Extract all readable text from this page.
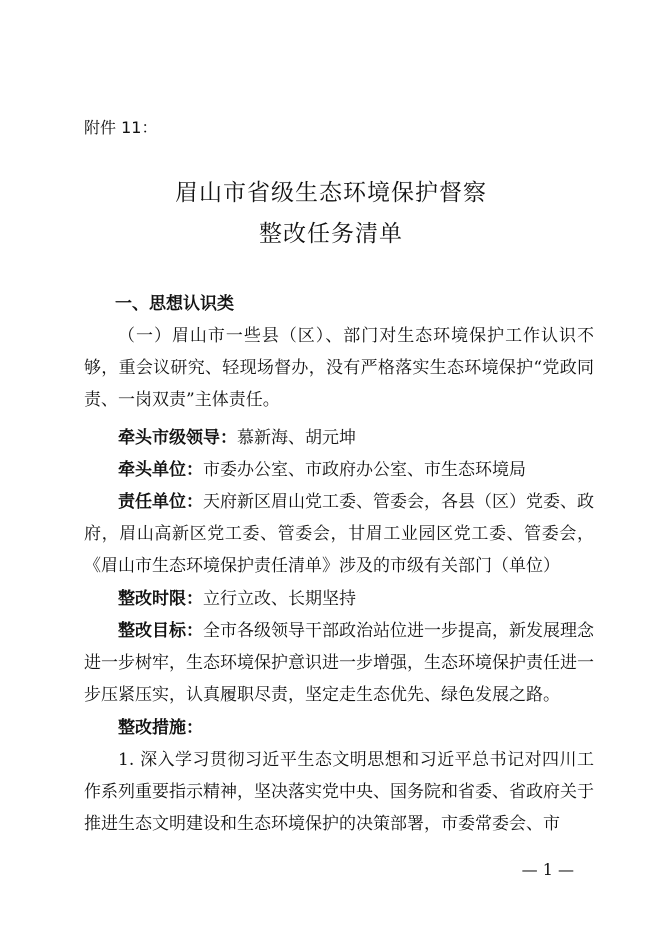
附件 11：
眉山市省级生态环境保护督察
整改任务清单
一、思想认识类
（一）眉山市一些县（区）、部门对生态环境保护工作认识不够，重会议研究、轻现场督办，没有严格落实生态环境保护“党政同责、一岗双责”主体责任。
牵头市级领导：慕新海、胡元坤
牵头单位：市委办公室、市政府办公室、市生态环境局
责任单位：天府新区眉山党工委、管委会，各县（区）党委、政府，眉山高新区党工委、管委会，甘眉工业园区党工委、管委会，《眉山市生态环境保护责任清单》涉及的市级有关部门（单位）
整改时限：立行立改、长期坚持
整改目标：全市各级领导干部政治站位进一步提高，新发展理念进一步树牢，生态环境保护意识进一步增强，生态环境保护责任进一步压紧压实，认真履职尽责，坚定走生态优先、绿色发展之路。
整改措施：
1. 深入学习贯彻习近平生态文明思想和习近平总书记对四川工作系列重要指示精神，坚决落实党中央、国务院和省委、省政府关于推进生态文明建设和生态环境保护的决策部署，市委常委会、市
— 1 —
